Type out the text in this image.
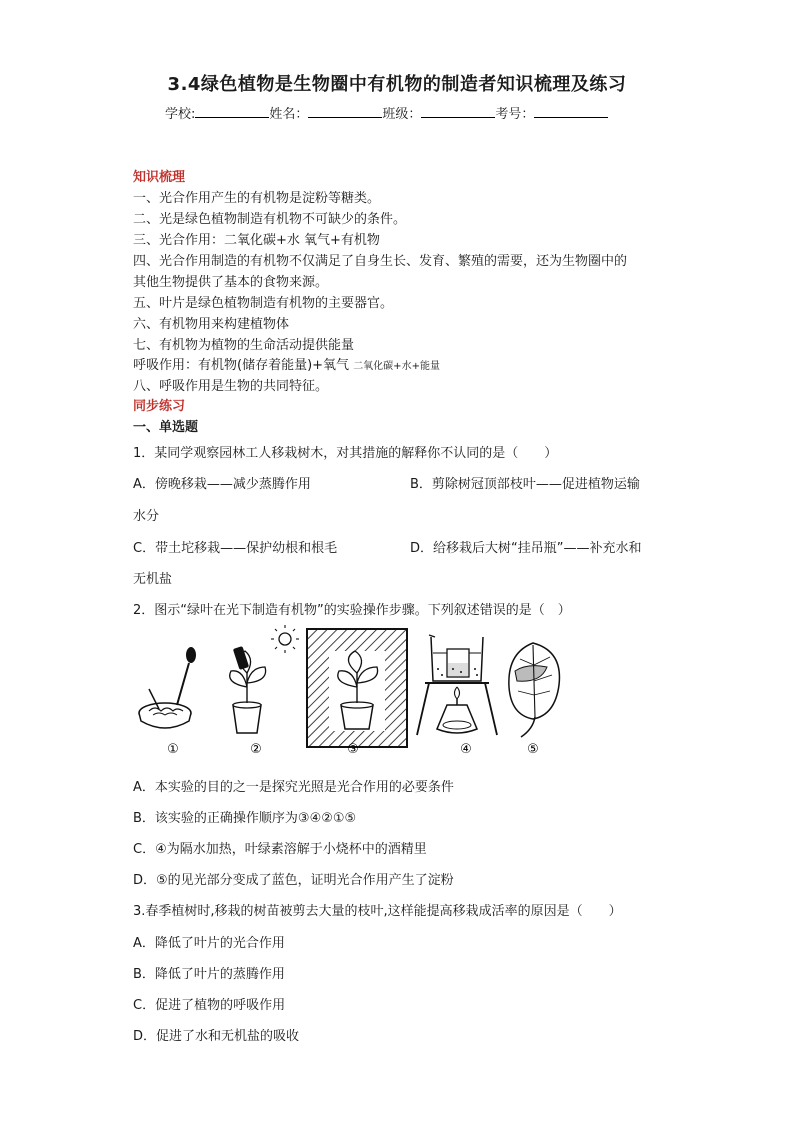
3.4绿色植物是生物圈中有机物的制造者知识梳理及练习
学校:	姓名：	班级：	考号：
知识梳理
一、光合作用产生的有机物是淀粉等糖类。
二、光是绿色植物制造有机物不可缺少的条件。
三、光合作用：二氧化碳+水 氧气+有机物
四、光合作用制造的有机物不仅满足了自身生长、发育、繁殖的需要，还为生物圈中的
其他生物提供了基本的食物来源。
五、叶片是绿色植物制造有机物的主要器官。
六、有机物用来构建植物体
七、有机物为植物的生命活动提供能量
呼吸作用：有机物(储存着能量)+氧气 二氧化碳+水+能量
八、呼吸作用是生物的共同特征。
同步练习
一、单选题
1．某同学观察园林工人移栽树木，对其措施的解释你不认同的是（　　）
A．傍晚移栽——减少蒸腾作用	B．剪除树冠顶部枝叶——促进植物运输
水分
C．带土坨移栽——保护幼根和根毛	D．给移栽后大树“挂吊瓶”——补充水和
无机盐
2．图示“绿叶在光下制造有机物”的实验操作步骤。下列叙述错误的是（　）
①	②	③	④	⑤
A．本实验的目的之一是探究光照是光合作用的必要条件
B．该实验的正确操作顺序为③④②①⑤
C．④为隔水加热，叶绿素溶解于小烧杯中的酒精里
D．⑤的见光部分变成了蓝色，证明光合作用产生了淀粉
3.春季植树时,移栽的树苗被剪去大量的枝叶,这样能提高移栽成活率的原因是（　　）
A．降低了叶片的光合作用
B．降低了叶片的蒸腾作用
C．促进了植物的呼吸作用
D．促进了水和无机盐的吸收
